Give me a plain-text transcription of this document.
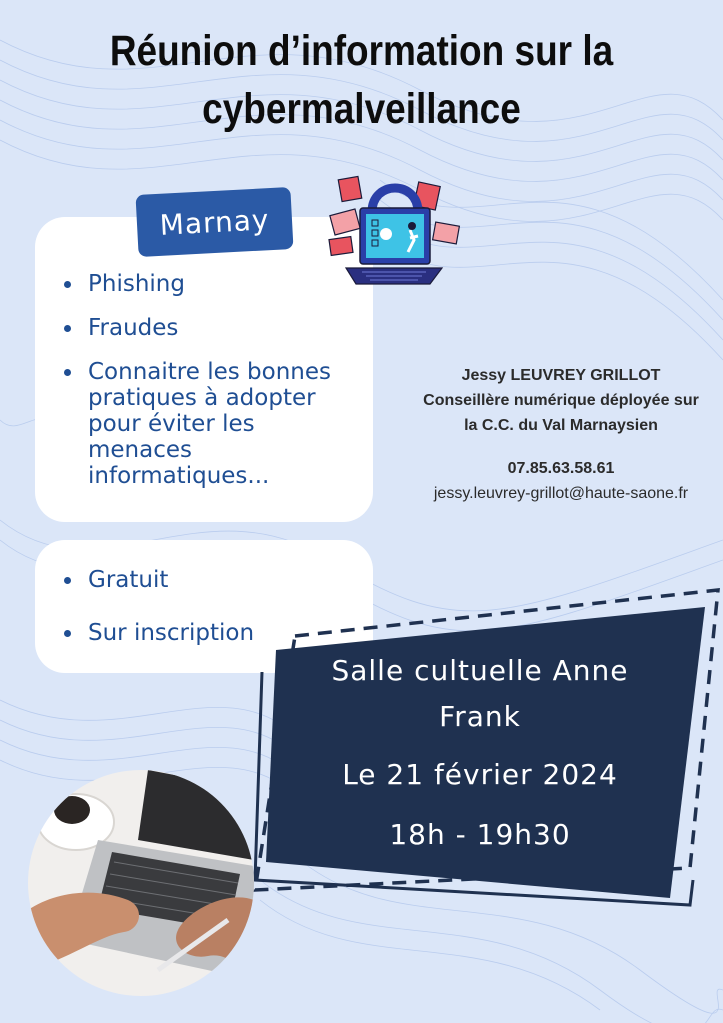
Réunion d’information sur la
cybermalveillance
Marnay
Phishing
Fraudes
Connaitre les bonnes pratiques à adopter pour éviter les menaces informatiques...
Gratuit
Sur inscription
Jessy LEUVREY GRILLOT
Conseillère numérique déployée sur
la C.C. du Val Marnaysien
07.85.63.58.61
jessy.leuvrey-grillot@haute-saone.fr
Salle cultuelle Anne
Frank
Le 21 février 2024
18h - 19h30
